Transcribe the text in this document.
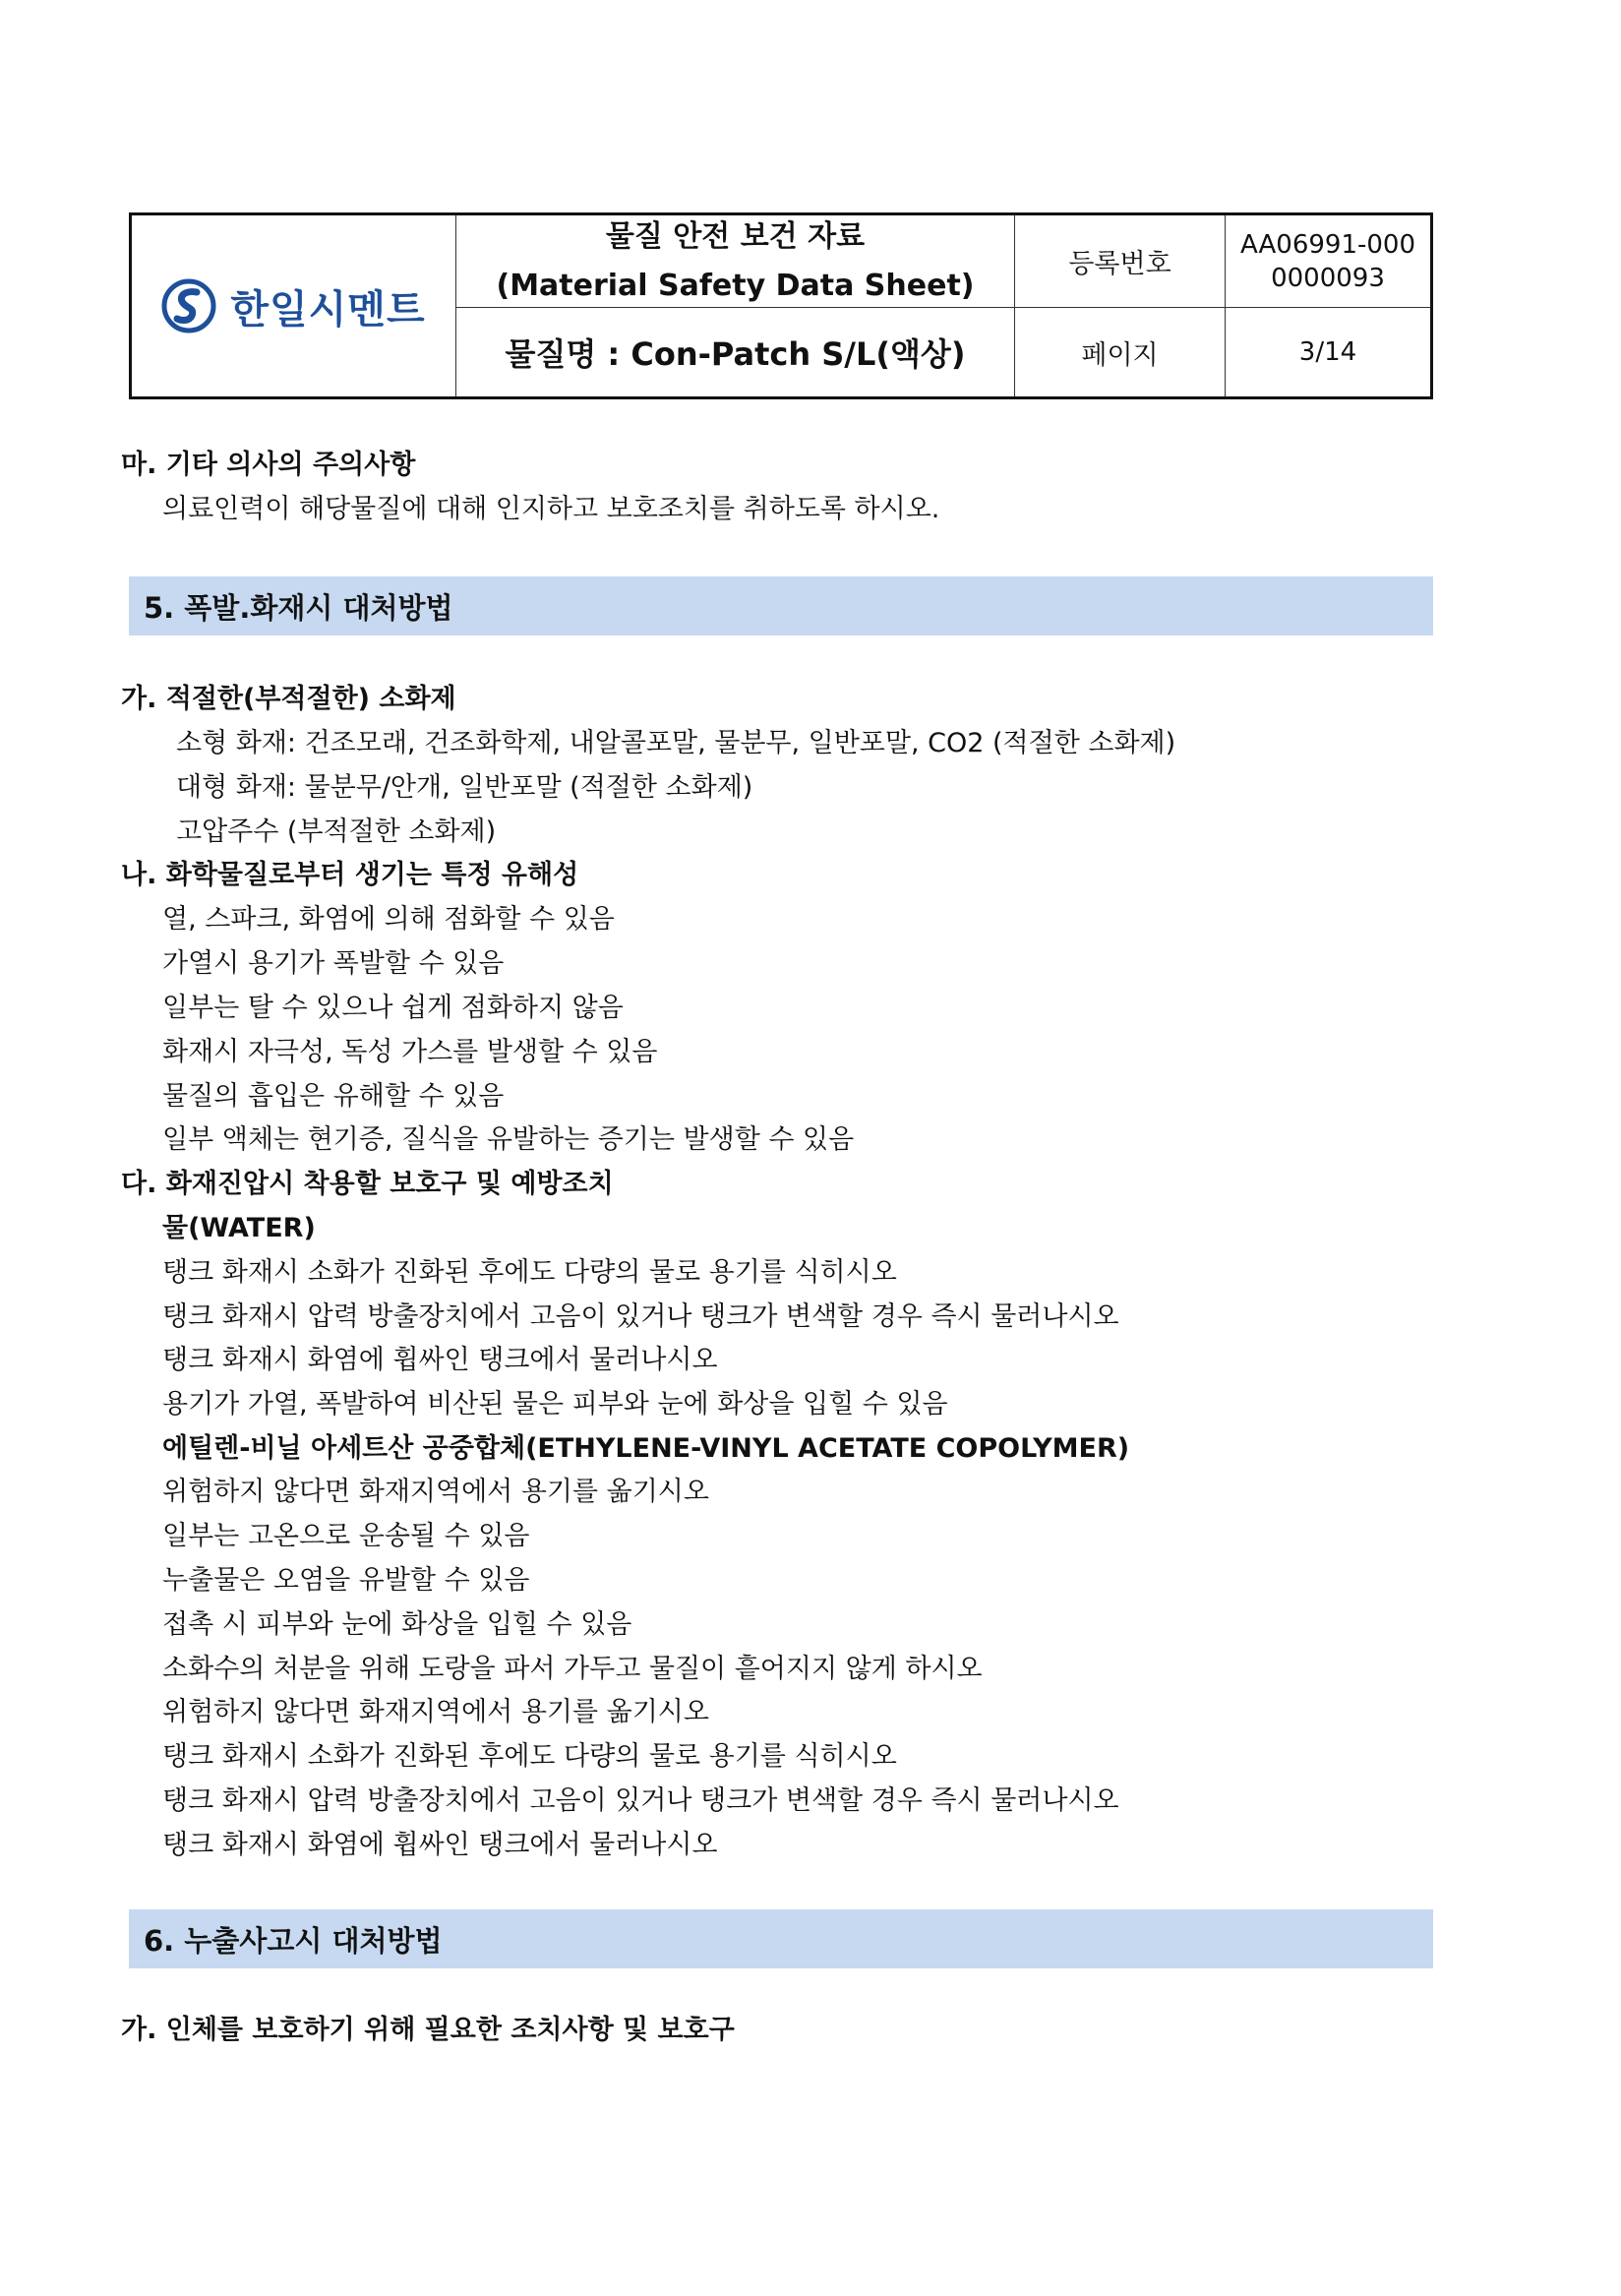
한일시멘트
물질 안전 보건 자료
(Material Safety Data Sheet)
등록번호
AA06991-000
0000093
물질명 : Con-Patch S/L(액상)	페이지	3/14
마. 기타 의사의 주의사항
의료인력이 해당물질에 대해 인지하고 보호조치를 취하도록 하시오.
5. 폭발.화재시 대처방법
가. 적절한(부적절한) 소화제
소형 화재: 건조모래, 건조화학제, 내알콜포말, 물분무, 일반포말, CO2 (적절한 소화제)
대형 화재: 물분무/안개, 일반포말 (적절한 소화제)
고압주수 (부적절한 소화제)
나. 화학물질로부터 생기는 특정 유해성
열, 스파크, 화염에 의해 점화할 수 있음
가열시 용기가 폭발할 수 있음
일부는 탈 수 있으나 쉽게 점화하지 않음
화재시 자극성, 독성 가스를 발생할 수 있음
물질의 흡입은 유해할 수 있음
일부 액체는 현기증, 질식을 유발하는 증기는 발생할 수 있음
다. 화재진압시 착용할 보호구 및 예방조치
물(WATER)
탱크 화재시 소화가 진화된 후에도 다량의 물로 용기를 식히시오
탱크 화재시 압력 방출장치에서 고음이 있거나 탱크가 변색할 경우 즉시 물러나시오
탱크 화재시 화염에 휩싸인 탱크에서 물러나시오
용기가 가열, 폭발하여 비산된 물은 피부와 눈에 화상을 입힐 수 있음
에틸렌-비닐 아세트산 공중합체(ETHYLENE-VINYL ACETATE COPOLYMER)
위험하지 않다면 화재지역에서 용기를 옮기시오
일부는 고온으로 운송될 수 있음
누출물은 오염을 유발할 수 있음
접촉 시 피부와 눈에 화상을 입힐 수 있음
소화수의 처분을 위해 도랑을 파서 가두고 물질이 흩어지지 않게 하시오
위험하지 않다면 화재지역에서 용기를 옮기시오
탱크 화재시 소화가 진화된 후에도 다량의 물로 용기를 식히시오
탱크 화재시 압력 방출장치에서 고음이 있거나 탱크가 변색할 경우 즉시 물러나시오
탱크 화재시 화염에 휩싸인 탱크에서 물러나시오
6. 누출사고시 대처방법
가. 인체를 보호하기 위해 필요한 조치사항 및 보호구
